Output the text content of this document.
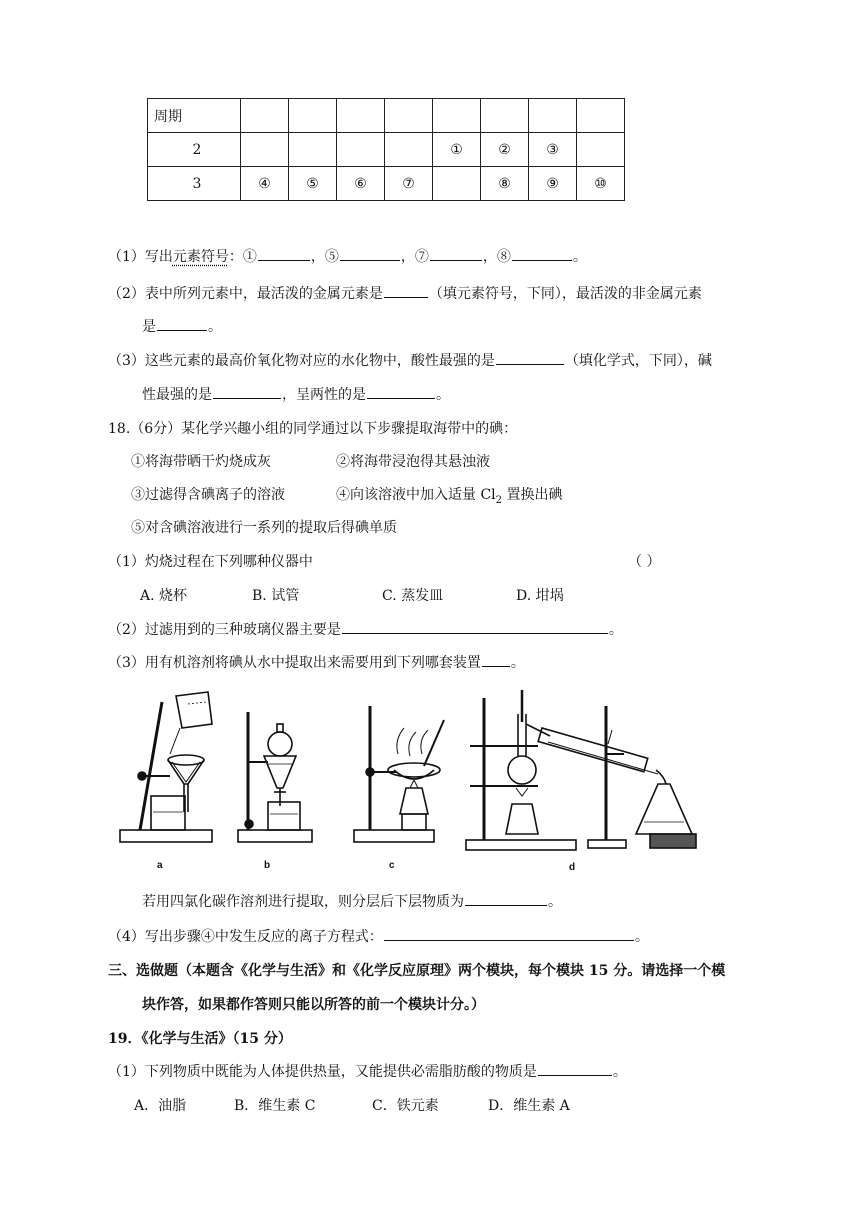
周期								
2					①	②	③	
3	④	⑤	⑥	⑦		⑧	⑨	⑩
（1）写出元素符号：①	，⑤	，⑦	，⑧	。
（2）表中所列元素中，最活泼的金属元素是	（填元素符号，下同），最活泼的非金属元素
是	。
（3）这些元素的最高价氧化物对应的水化物中，酸性最强的是	（填化学式，下同），碱
性最强的是	，呈两性的是	。
18.（6分）某化学兴趣小组的同学通过以下步骤提取海带中的碘：
①将海带晒干灼烧成灰	②将海带浸泡得其悬浊液
③过滤得含碘离子的溶液	④向该溶液中加入适量 $Cl_2$ 置换出碘
⑤对含碘溶液进行一系列的提取后得碘单质
（1）灼烧过程在下列哪种仪器中	（ ）
A. 烧杯	B. 试管	C. 蒸发皿	D. 坩埚
（2）过滤用到的三种玻璃仪器主要是	。
（3）用有机溶剂将碘从水中提取出来需要用到下列哪套装置 。
a	b	c	d
若用四氯化碳作溶剂进行提取，则分层后下层物质为	。
（4）写出步骤④中发生反应的离子方程式：	。
三、选做题（本题含《化学与生活》和《化学反应原理》两个模块，每个模块 15 分。请选择一个模
块作答，如果都作答则只能以所答的前一个模块计分。）
19．《化学与生活》（15 分）
（1）下列物质中既能为人体提供热量，又能提供必需脂肪酸的物质是	。
A．油脂	B．维生素 C	C．铁元素	D．维生素 A
